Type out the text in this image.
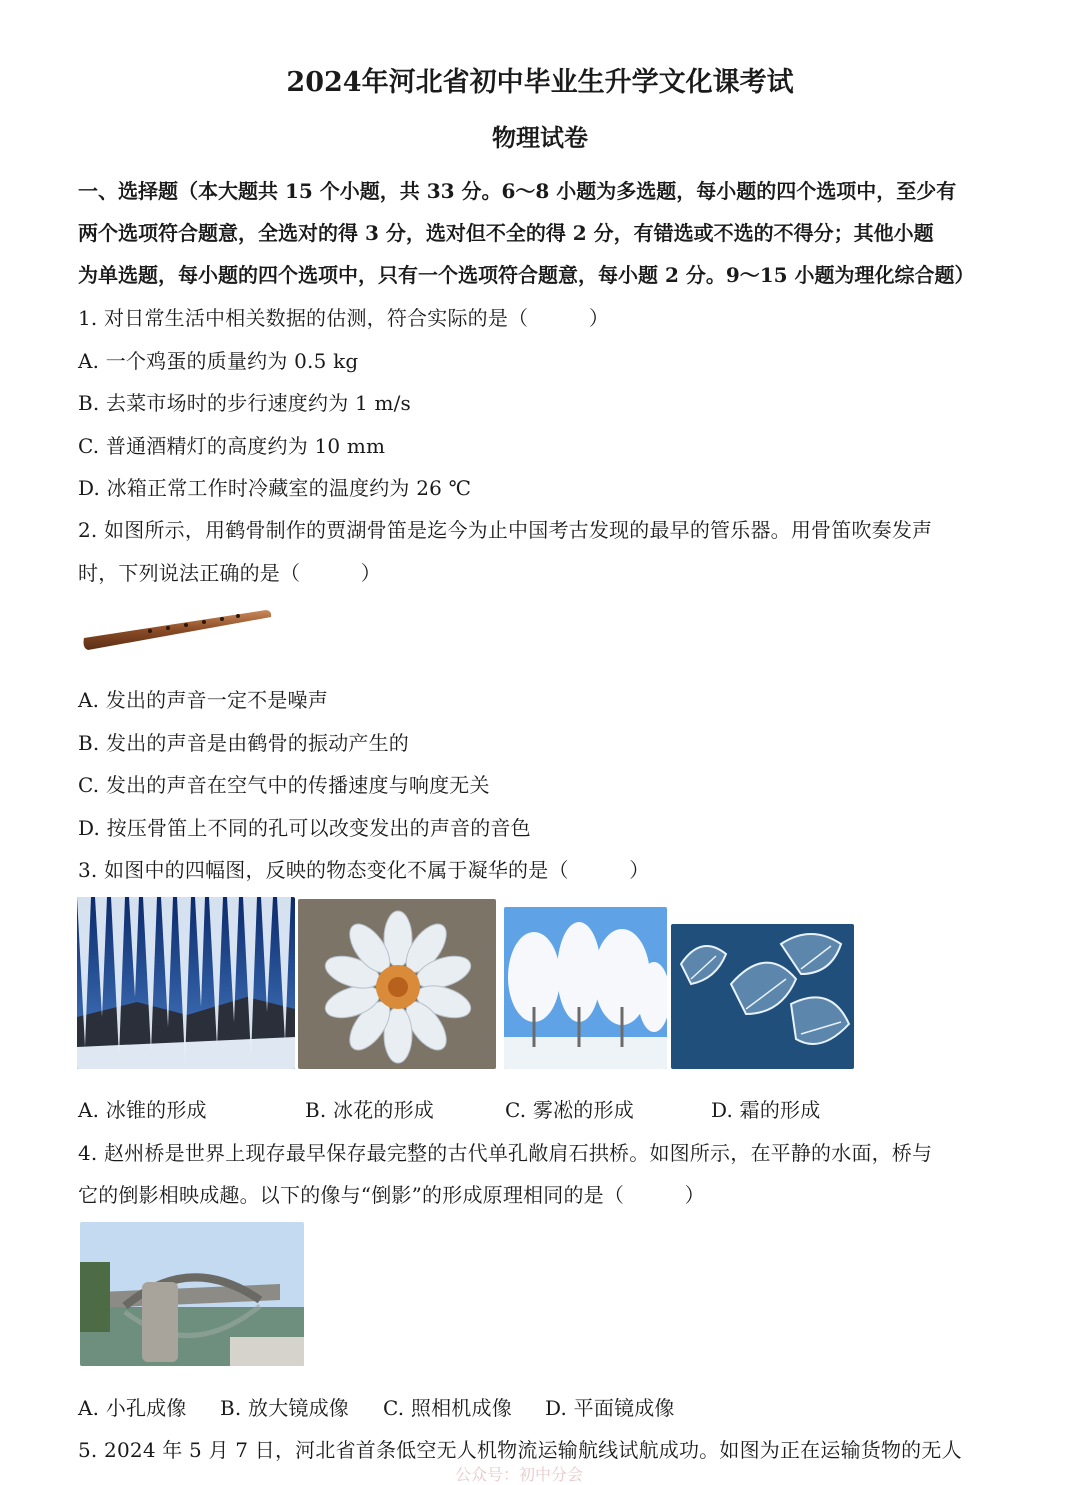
2024年河北省初中毕业生升学文化课考试
物理试卷
一、选择题（本大题共 15 个小题，共 33 分。6～8 小题为多选题，每小题的四个选项中，至少有
两个选项符合题意，全选对的得 3 分，选对但不全的得 2 分，有错选或不选的不得分；其他小题
为单选题，每小题的四个选项中，只有一个选项符合题意，每小题 2 分。9～15 小题为理化综合题）
1. 对日常生活中相关数据的估测，符合实际的是（　　　）
A. 一个鸡蛋的质量约为 0.5 kg
B. 去菜市场时的步行速度约为 1 m/s
C. 普通酒精灯的高度约为 10 mm
D. 冰箱正常工作时冷藏室的温度约为 26 ℃
2. 如图所示，用鹤骨制作的贾湖骨笛是迄今为止中国考古发现的最早的管乐器。用骨笛吹奏发声
时，下列说法正确的是（　　　）
A. 发出的声音一定不是噪声
B. 发出的声音是由鹤骨的振动产生的
C. 发出的声音在空气中的传播速度与响度无关
D. 按压骨笛上不同的孔可以改变发出的声音的音色
3. 如图中的四幅图，反映的物态变化不属于凝华的是（　　　）
A. 冰锥的形成	B. 冰花的形成	C. 雾凇的形成	D. 霜的形成
4. 赵州桥是世界上现存最早保存最完整的古代单孔敞肩石拱桥。如图所示，在平静的水面，桥与
它的倒影相映成趣。以下的像与“倒影”的形成原理相同的是（　　　）
A. 小孔成像 B. 放大镜成像 C. 照相机成像 D. 平面镜成像
5. 2024 年 5 月 7 日，河北省首条低空无人机物流运输航线试航成功。如图为正在运输货物的无人
公众号：初中分会
